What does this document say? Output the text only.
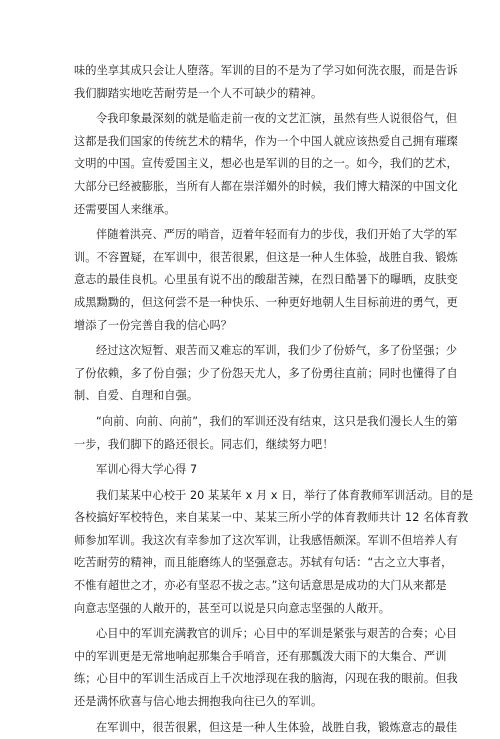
味的坐享其成只会让人堕落。军训的目的不是为了学习如何洗衣服，而是告诉
我们脚踏实地吃苦耐劳是一个人不可缺少的精神。
令我印象最深刻的就是临走前一夜的文艺汇演，虽然有些人说很俗气，但
这都是我们国家的传统艺术的精华，作为一个中国人就应该热爱自己拥有璀璨
文明的中国。宣传爱国主义，想必也是军训的目的之一。如今，我们的艺术，
大部分已经被膨胀，当所有人都在崇洋媚外的时候，我们博大精深的中国文化
还需要国人来继承。
伴随着洪亮、严厉的哨音，迈着年轻而有力的步伐，我们开始了大学的军
训。不容置疑，在军训中，很苦很累，但这是一种人生体验，战胜自我、锻炼
意志的最佳良机。心里虽有说不出的酸甜苦辣，在烈日酷暑下的曝晒，皮肤变
成黑黝黝的，但这何尝不是一种快乐、一种更好地朝人生目标前进的勇气，更
增添了一份完善自我的信心吗？
经过这次短暂、艰苦而又难忘的军训，我们少了份娇气，多了份坚强；少
了份依赖，多了份自强；少了份怨天尤人，多了份勇往直前；同时也懂得了自
制、自爱、自理和自强。
“向前、向前、向前”，我们的军训还没有结束，这只是我们漫长人生的第
一步，我们脚下的路还很长。同志们，继续努力吧！
军训心得大学心得 7
我们某某中心校于 20 某某年 x 月 x 日，举行了体育教师军训活动。目的是
各校搞好军校特色，来自某某一中、某某三所小学的体育教师共计 12 名体育教
师参加军训。我这次有幸参加了这次军训，让我感悟颇深。军训不但培养人有
吃苦耐劳的精神，而且能磨练人的坚强意志。苏轼有句话：“古之立大事者，
不惟有超世之才，亦必有坚忍不拔之志。”这句话意思是成功的大门从来都是
向意志坚强的人敞开的，甚至可以说是只向意志坚强的人敞开。
心目中的军训充满教官的训斥；心目中的军训是紧张与艰苦的合奏；心目
中的军训更是无常地响起那集合手哨音，还有那瓢泼大雨下的大集合、严训
练；心目中的军训生活成百上千次地浮现在我的脑海，闪现在我的眼前。但我
还是满怀欣喜与信心地去拥抱我向往已久的军训。
在军训中，很苦很累，但这是一种人生体验，战胜自我，锻炼意志的最佳
